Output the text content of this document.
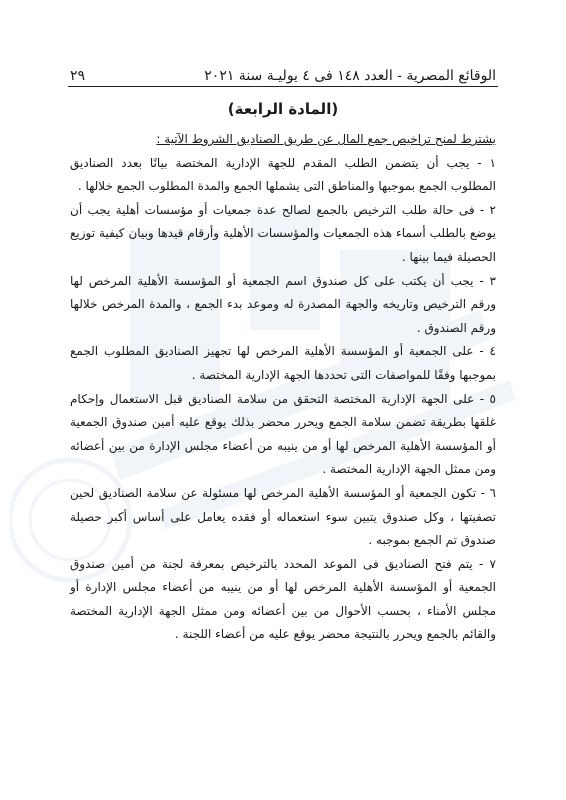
الوقائع المصرية - العدد ١٤٨ فى ٤ يوليـة سنة ٢٠٢١
٢٩
(المادة الرابعة)

يشترط لمنح تراخيص جمع المال عن طريق الصناديق الشروط الآتية :

١ - يجب أن يتضمن الطلب المقدم للجهة الإدارية المختصة بيانًا بعدد الصناديق المطلوب الجمع بموجبها والمناطق التى يشملها الجمع والمدة المطلوب الجمع خلالها .

٢ - فى حالة طلب الترخيص بالجمع لصالح عدة جمعيات أو مؤسسات أهلية يجب أن يوضع بالطلب أسماء هذه الجمعيات والمؤسسات الأهلية وأرقام قيدها وبيان كيفية توزيع الحصيلة فيما بينها .

٣ - يجب أن يكتب على كل صندوق اسم الجمعية أو المؤسسة الأهلية المرخص لها ورقم الترخيص وتاريخه والجهة المصدرة له وموعد بدء الجمع ، والمدة المرخص خلالها ورقم الصندوق .

٤ - على الجمعية أو المؤسسة الأهلية المرخص لها تجهيز الصناديق المطلوب الجمع بموجبها وفقًا للمواصفات التى تحددها الجهة الإدارية المختصة .

٥ - على الجهة الإدارية المختصة التحقق من سلامة الصناديق قبل الاستعمال وإحكام غلقها بطريقة تضمن سلامة الجمع ويحرر محضر بذلك يوقع عليه أمين صندوق الجمعية أو المؤسسة الأهلية المرخص لها أو من ينيبه من أعضاء مجلس الإدارة من بين أعضائه ومن ممثل الجهة الإدارية المختصة .

٦ - تكون الجمعية أو المؤسسة الأهلية المرخص لها مسئولة عن سلامة الصناديق لحين تصفيتها ، وكل صندوق يتبين سوء استعماله أو فقده يعامل على أساس أكبر حصيلة صندوق تم الجمع بموجبه .

٧ - يتم فتح الصناديق فى الموعد المحدد بالترخيص بمعرفة لجنة من أمين صندوق الجمعية أو المؤسسة الأهلية المرخص لها أو من ينيبه من أعضاء مجلس الإدارة أو مجلس الأمناء ، بحسب الأحوال من بين أعضائه ومن ممثل الجهة الإدارية المختصة والقائم بالجمع ويحرر بالنتيجة محضر يوقع عليه من أعضاء اللجنة .
